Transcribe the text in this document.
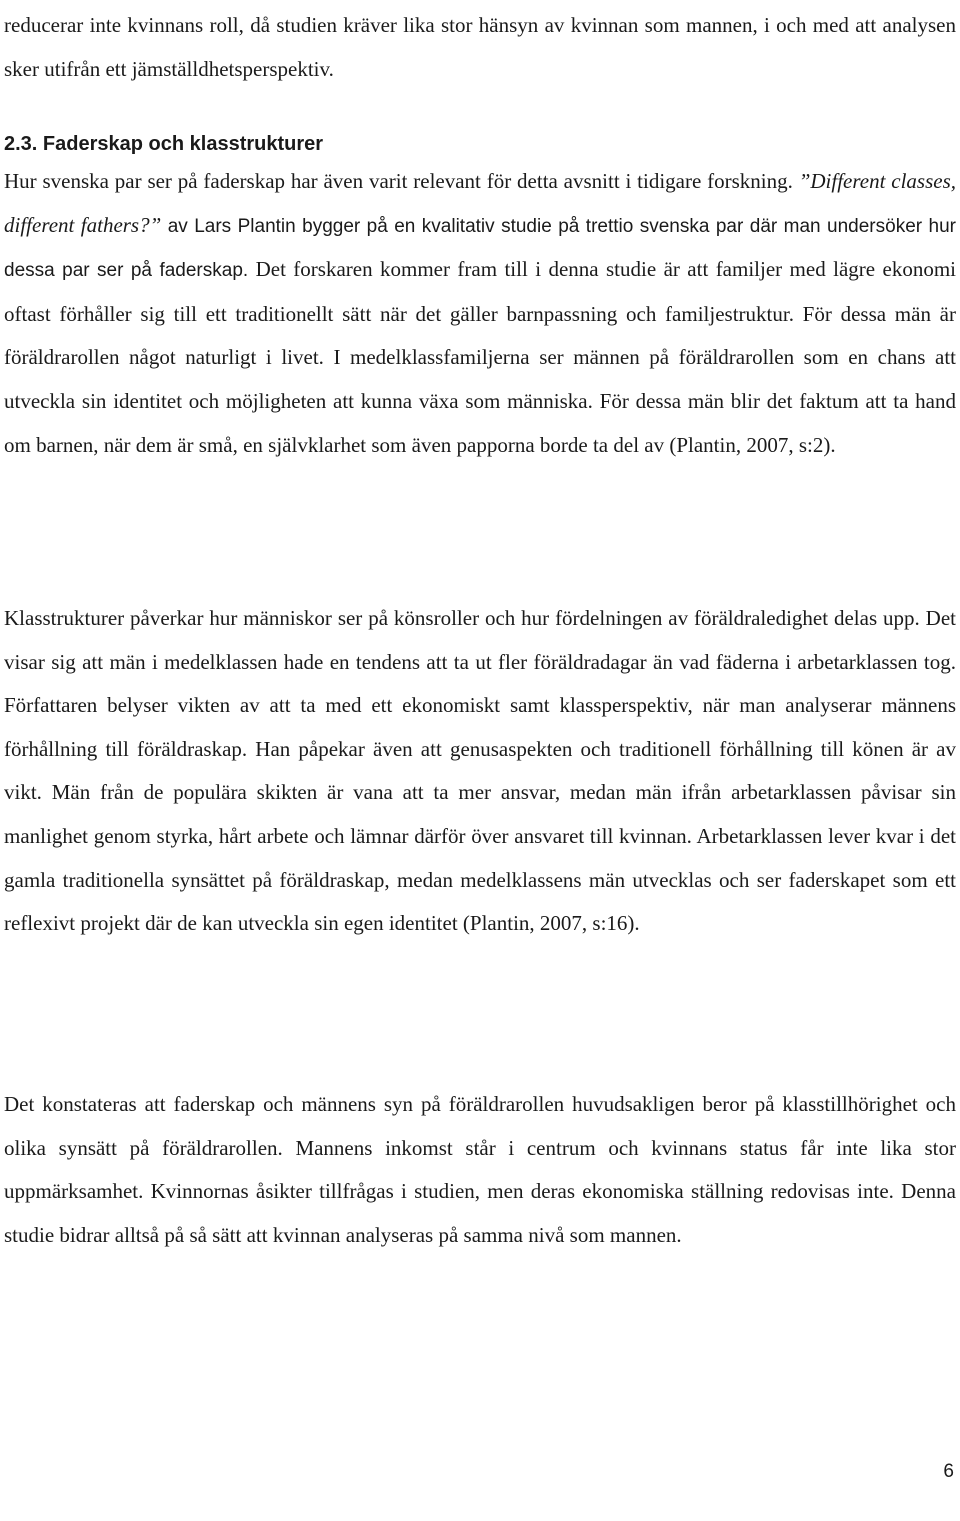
reducerar inte kvinnans roll, då studien kräver lika stor hänsyn av kvinnan som mannen, i och med att analysen sker utifrån ett jämställdhetsperspektiv.

2.3. Faderskap och klasstrukturer

Hur svenska par ser på faderskap har även varit relevant för detta avsnitt i tidigare forskning. ”Different classes, different fathers?” av Lars Plantin bygger på en kvalitativ studie på trettio svenska par där man undersöker hur dessa par ser på faderskap. Det forskaren kommer fram till i denna studie är att familjer med lägre ekonomi oftast förhåller sig till ett traditionellt sätt när det gäller barnpassning och familjestruktur. För dessa män är föräldrarollen något naturligt i livet. I medelklassfamiljerna ser männen på föräldrarollen som en chans att utveckla sin identitet och möjligheten att kunna växa som människa. För dessa män blir det faktum att ta hand om barnen, när dem är små, en självklarhet som även papporna borde ta del av (Plantin, 2007, s:2).

Klasstrukturer påverkar hur människor ser på könsroller och hur fördelningen av föräldraledighet delas upp. Det visar sig att män i medelklassen hade en tendens att ta ut fler föräldradagar än vad fäderna i arbetarklassen tog. Författaren belyser vikten av att ta med ett ekonomiskt samt klassperspektiv, när man analyserar männens förhållning till föräldraskap. Han påpekar även att genusaspekten och traditionell förhållning till könen är av vikt. Män från de populära skikten är vana att ta mer ansvar, medan män ifrån arbetarklassen påvisar sin manlighet genom styrka, hårt arbete och lämnar därför över ansvaret till kvinnan. Arbetarklassen lever kvar i det gamla traditionella synsättet på föräldraskap, medan medelklassens män utvecklas och ser faderskapet som ett reflexivt projekt där de kan utveckla sin egen identitet (Plantin, 2007, s:16).

Det konstateras att faderskap och männens syn på föräldrarollen huvudsakligen beror på klasstillhörighet och olika synsätt på föräldrarollen. Mannens inkomst står i centrum och kvinnans status får inte lika stor uppmärksamhet. Kvinnornas åsikter tillfrågas i studien, men deras ekonomiska ställning redovisas inte. Denna studie bidrar alltså på så sätt att kvinnan analyseras på samma nivå som mannen.

6
